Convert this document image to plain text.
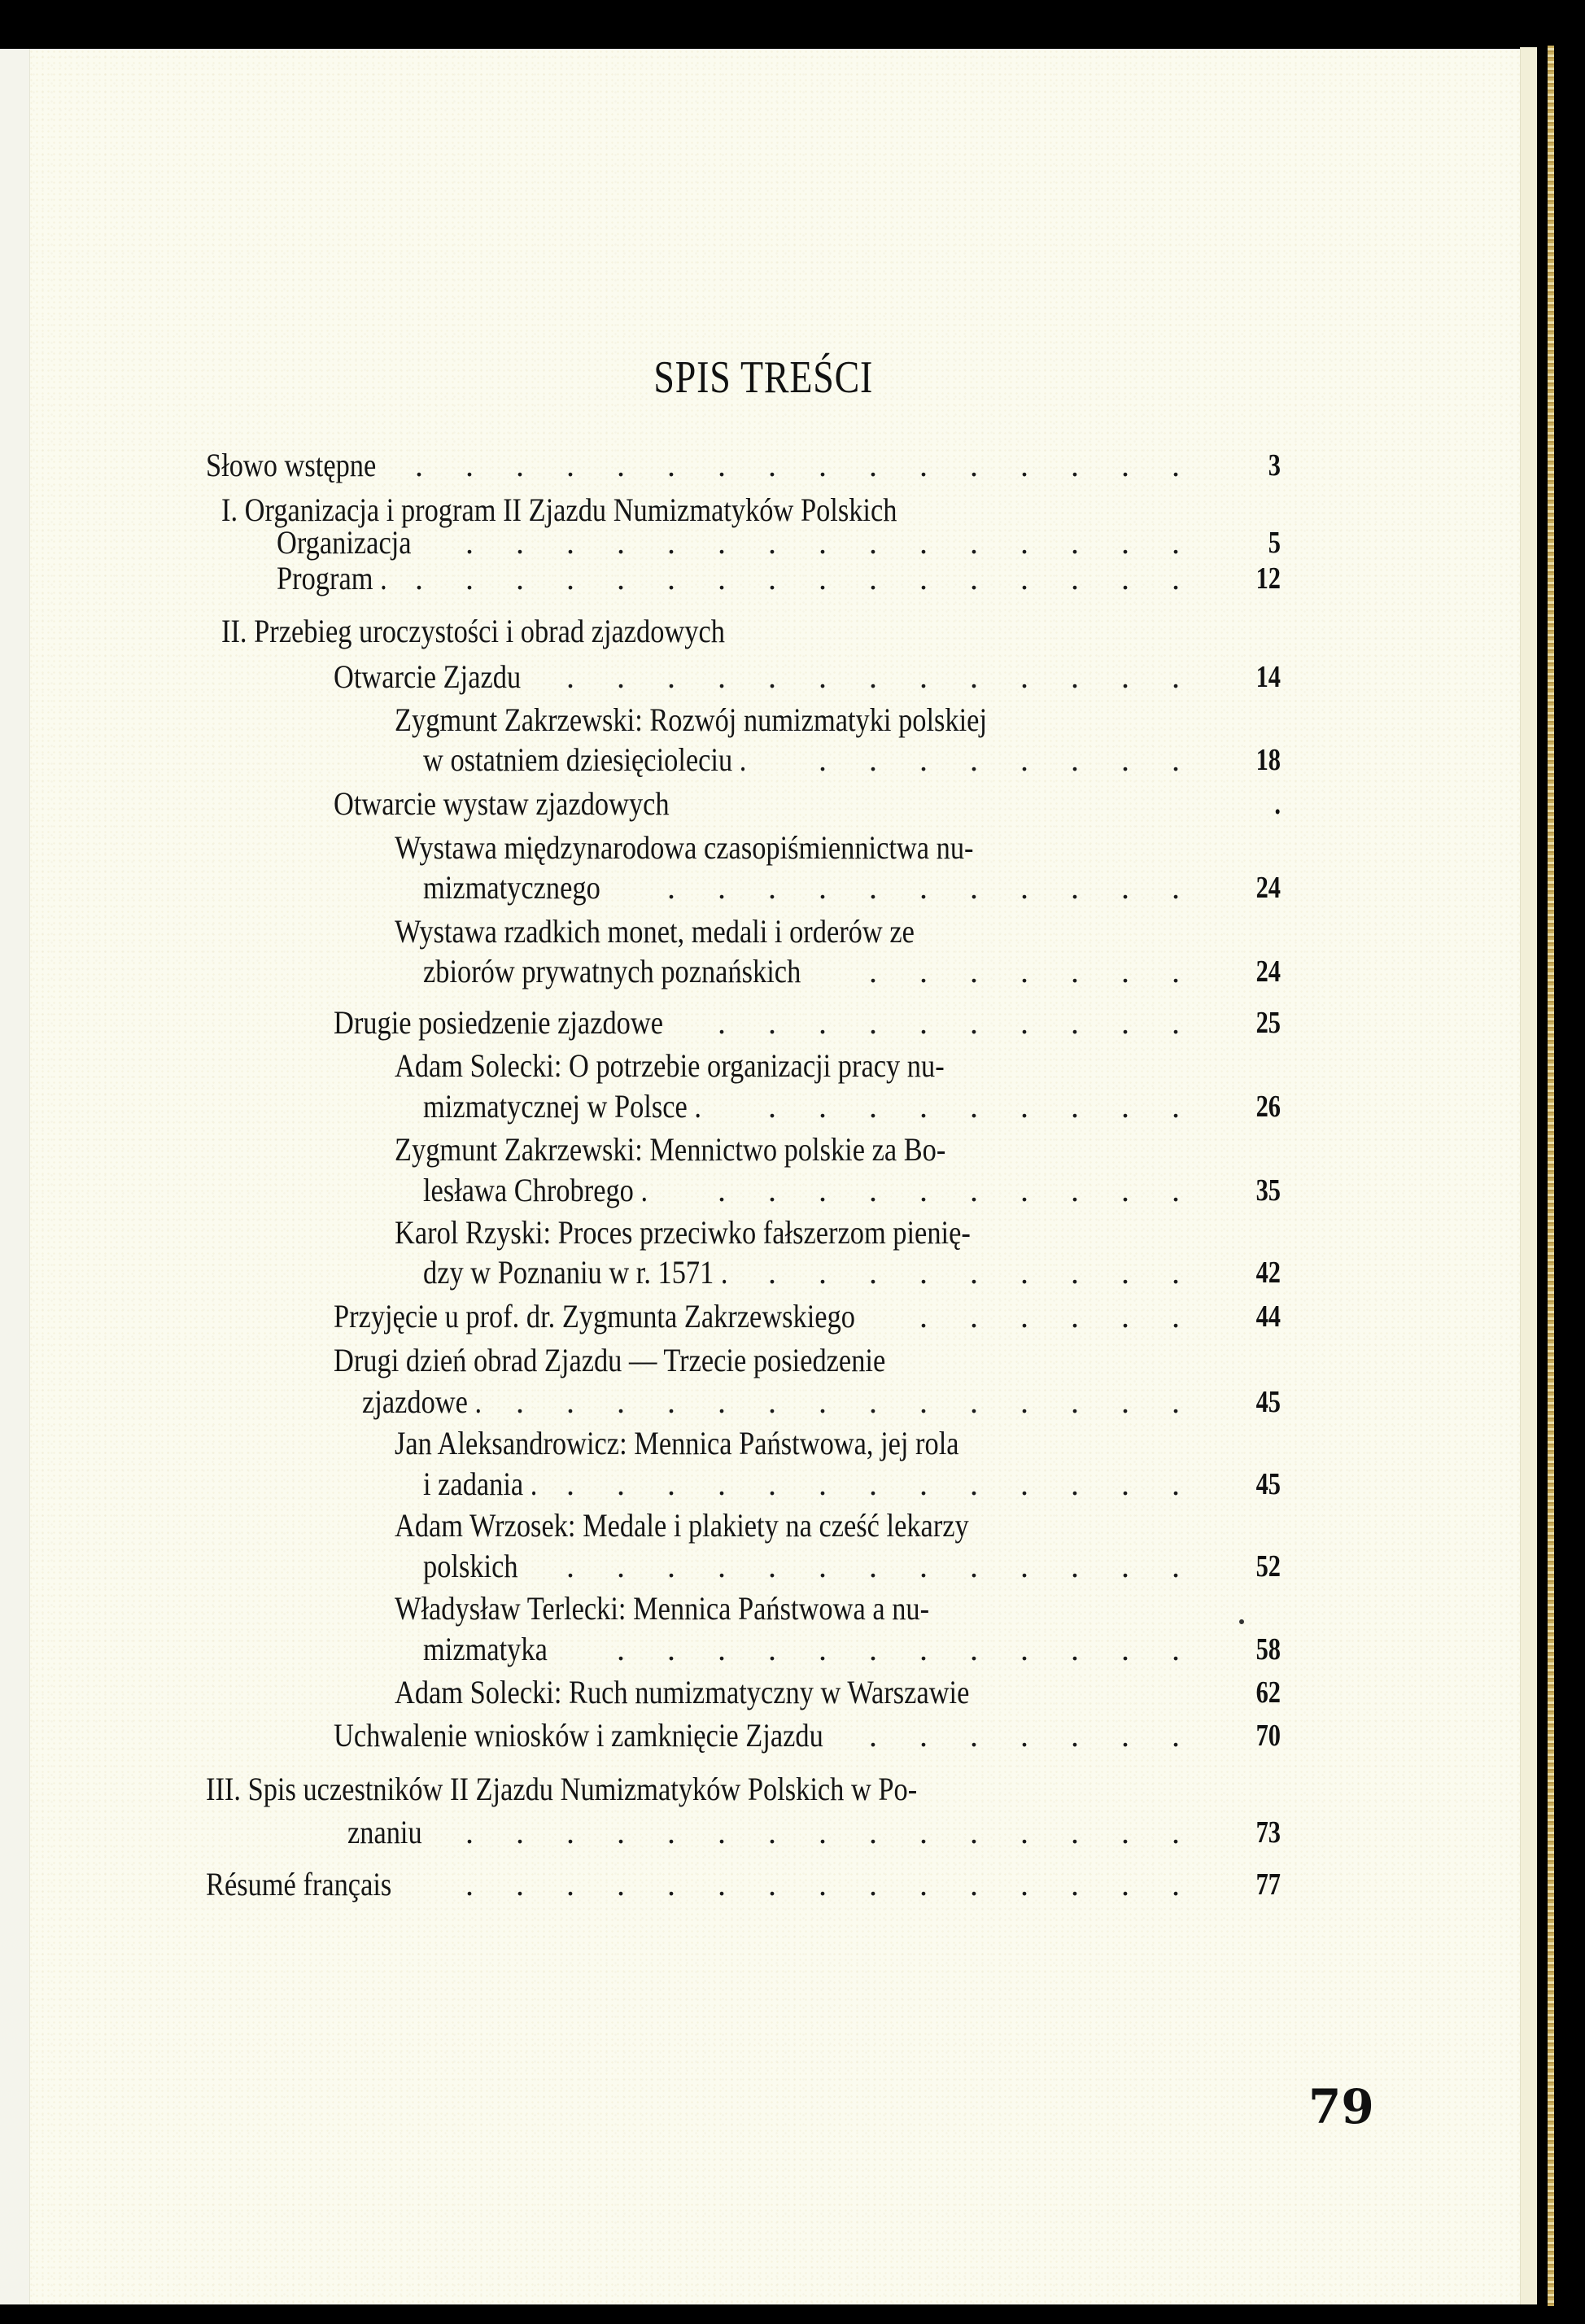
SPIS TREŚCI
Słowo wstępne	3
I. Organizacja i program II Zjazdu Numizmatyków Polskich
Organizacja	5
Program .	12
II. Przebieg uroczystości i obrad zjazdowych
Otwarcie Zjazdu	14
Zygmunt Zakrzewski: Rozwój numizmatyki polskiej
w ostatniem dziesięcioleciu .	18
Otwarcie wystaw zjazdowych	.
Wystawa międzynarodowa czasopiśmiennictwa nu-
mizmatycznego	24
Wystawa rzadkich monet, medali i orderów ze
zbiorów prywatnych poznańskich	24
Drugie posiedzenie zjazdowe	25
Adam Solecki: O potrzebie organizacji pracy nu-
mizmatycznej w Polsce .	26
Zygmunt Zakrzewski: Mennictwo polskie za Bo-
lesława Chrobrego .	35
Karol Rzyski: Proces przeciwko fałszerzom pienię-
dzy w Poznaniu w r. 1571 .	42
Przyjęcie u prof. dr. Zygmunta Zakrzewskiego	44
Drugi dzień obrad Zjazdu — Trzecie posiedzenie
zjazdowe .	45
Jan Aleksandrowicz: Mennica Państwowa, jej rola
i zadania .	45
Adam Wrzosek: Medale i plakiety na cześć lekarzy
polskich	52
Władysław Terlecki: Mennica Państwowa a nu-
mizmatyka	58
Adam Solecki: Ruch numizmatyczny w Warszawie	62
Uchwalenie wniosków i zamknięcie Zjazdu	70
III. Spis uczestników II Zjazdu Numizmatyków Polskich w Po-
znaniu	73
Résumé français	77
. . . . . . . . . . . . . . . .
. . . . . . . . . . . . . . .
. . . . . . . . . . . . . . . .
. . . . . . . . . . . . .
. . . . . . . .
. . . . . . . . . . .
. . . . . . .
. . . . . . . . . .
. . . . . . . . .
. . . . . . . . . .
. . . . . . . . .
. . . . . .
. . . . . . . . . . . . . .
. . . . . . . . . . . . .
. . . . . . . . . . . . .
. . . . . . . . . . . .
. . . . . . .
. . . . . . . . . . . . . . .
. . . . . . . . . . . . . . .
79
